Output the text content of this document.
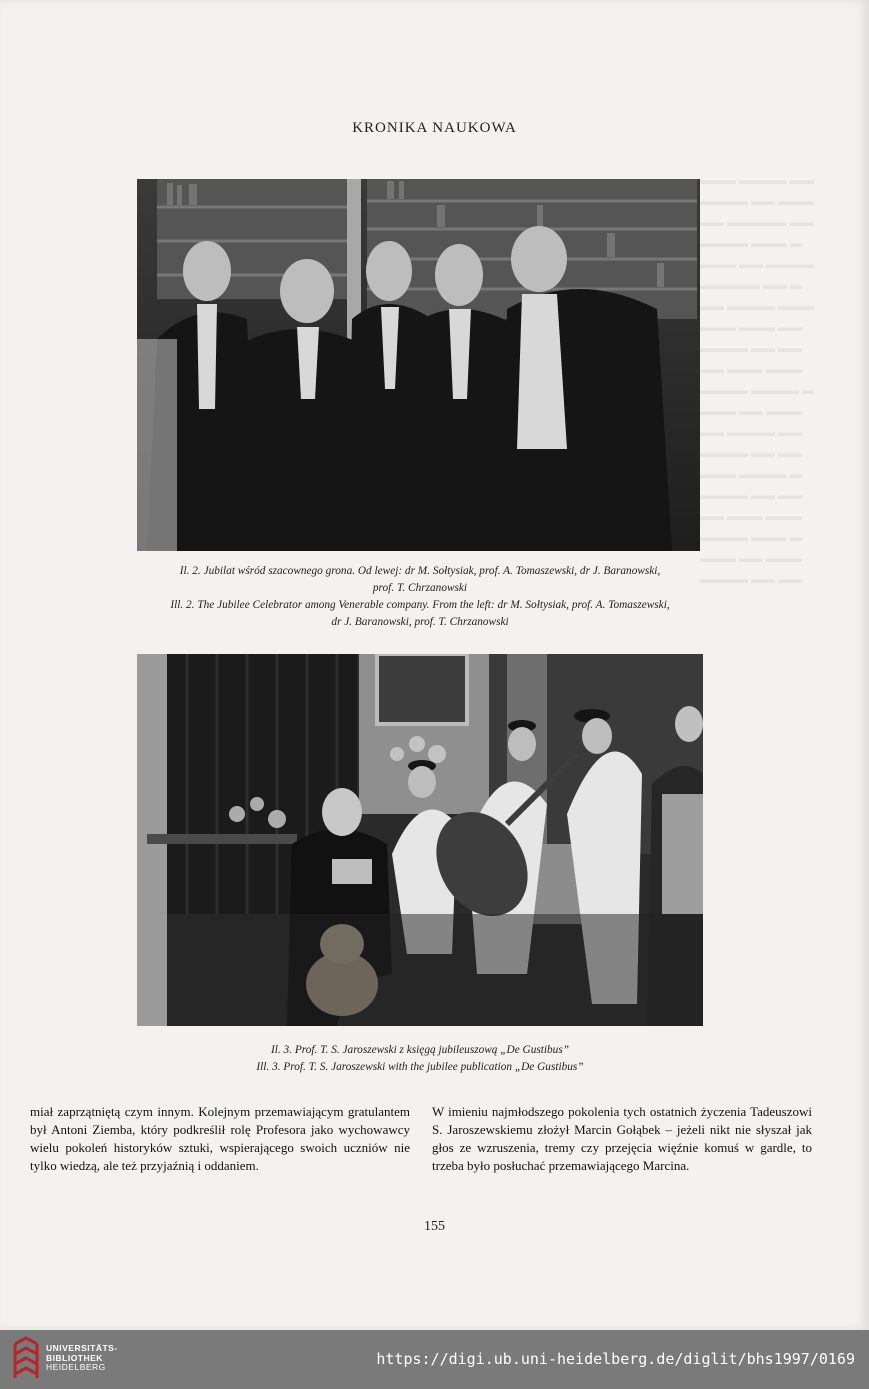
▬▬▬ ▬▬▬▬ ▬▬
▬▬▬▬ ▬▬ ▬▬▬
▬▬ ▬▬▬▬▬ ▬▬
▬▬▬▬ ▬▬▬ ▬
▬▬▬ ▬▬ ▬▬▬▬
▬▬▬▬▬ ▬▬ ▬
▬▬ ▬▬▬▬ ▬▬▬
▬▬▬ ▬▬▬ ▬▬
▬▬▬▬ ▬▬ ▬▬
▬▬ ▬▬▬ ▬▬▬
▬▬▬▬ ▬▬▬▬ ▬
▬▬▬ ▬▬ ▬▬▬
▬▬ ▬▬▬▬ ▬▬
▬▬▬▬ ▬▬ ▬▬
▬▬▬ ▬▬▬▬ ▬
▬▬▬▬ ▬▬ ▬▬
▬▬ ▬▬▬ ▬▬▬
▬▬▬▬ ▬▬▬ ▬
▬▬▬ ▬▬ ▬▬▬
▬▬▬▬ ▬▬ ▬▬
KRONIKA NAUKOWA
Il. 2. Jubilat wśród szacownego grona. Od lewej: dr M. Sołtysiak, prof. A. Tomaszewski, dr J. Baranowski,
prof. T. Chrzanowski
Ill. 2. The Jubilee Celebrator among Venerable company. From the left: dr M. Sołtysiak, prof. A. Tomaszewski,
dr J. Baranowski, prof. T. Chrzanowski
Il. 3. Prof. T. S. Jaroszewski z księgą jubileuszową „De Gustibus”
Ill. 3. Prof. T. S. Jaroszewski with the jubilee publication „De Gustibus”

miał zaprzątniętą czym innym. Kolejnym przemawiającym gratulantem był Antoni Ziemba, który podkreślił rolę Profesora jako wychowawcy wielu pokoleń historyków sztuki, wspierającego swoich uczniów nie tylko wiedzą, ale też przyjaźnią i oddaniem.

W imieniu najmłodszego pokolenia tych ostatnich życzenia Tadeuszowi S. Jaroszewskiemu złożył Marcin Gołąbek – jeżeli nikt nie słyszał jak głos ze wzruszenia, tremy czy przejęcia więźnie komuś w gardle, to trzeba było posłuchać przemawiającego Marcina.

155
UNIVERSITÄTS-
BIBLIOTHEK
HEIDELBERG	https://digi.ub.uni-heidelberg.de/diglit/bhs1997/0169
